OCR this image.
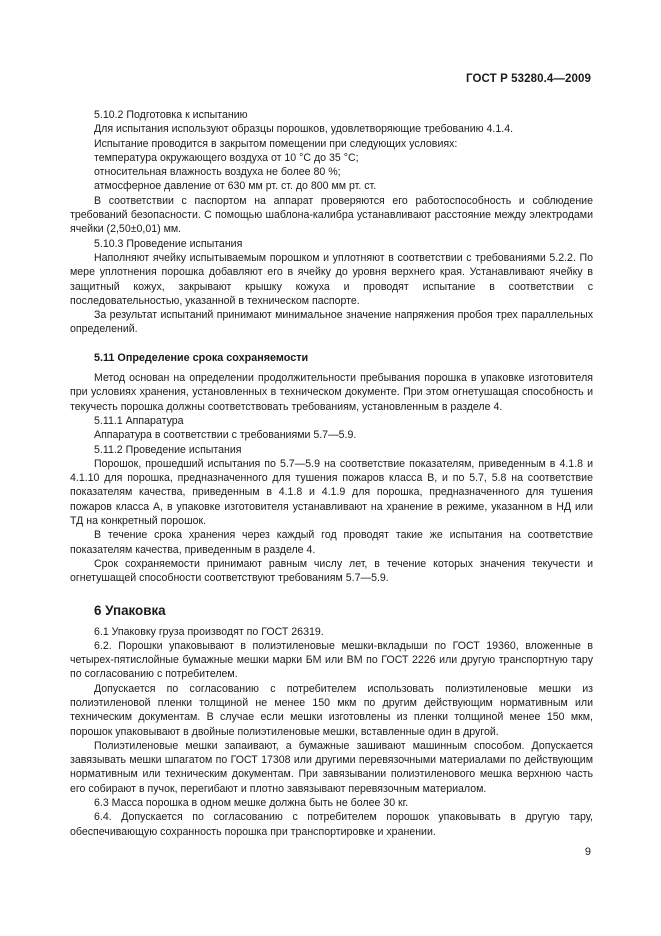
ГОСТ Р 53280.4—2009

5.10.2 Подготовка к испытанию

Для испытания используют образцы порошков, удовлетворяющие требованию 4.1.4.

Испытание проводится в закрытом помещении при следующих условиях:

температура окружающего воздуха от 10 °С до 35 °С;

относительная влажность воздуха не более 80 %;

атмосферное давление от 630 мм рт. ст. до 800 мм рт. ст.

В соответствии с паспортом на аппарат проверяются его работоспособность и соблюдение требований безопасности. С помощью шаблона-калибра устанавливают расстояние между электродами ячейки (2,50±0,01) мм.

5.10.3 Проведение испытания

Наполняют ячейку испытываемым порошком и уплотняют в соответствии с требованиями 5.2.2. По мере уплотнения порошка добавляют его в ячейку до уровня верхнего края. Устанавливают ячейку в защитный кожух, закрывают крышку кожуха и проводят испытание в соответствии с последовательностью, указанной в техническом паспорте.

За результат испытаний принимают минимальное значение напряжения пробоя трех параллельных определений.

5.11 Определение срока сохраняемости

Метод основан на определении продолжительности пребывания порошка в упаковке изготовителя при условиях хранения, установленных в техническом документе. При этом огнетушащая способность и текучесть порошка должны соответствовать требованиям, установленным в разделе 4.

5.11.1 Аппаратура

Аппаратура в соответствии с требованиями 5.7—5.9.

5.11.2 Проведение испытания

Порошок, прошедший испытания по 5.7—5.9 на соответствие показателям, приведенным в 4.1.8 и 4.1.10 для порошка, предназначенного для тушения пожаров класса В, и по 5.7, 5.8 на соответствие показателям качества, приведенным в 4.1.8 и 4.1.9 для порошка, предназначенного для тушения пожаров класса А, в упаковке изготовителя устанавливают на хранение в режиме, указанном в НД или ТД на конкретный порошок.

В течение срока хранения через каждый год проводят такие же испытания на соответствие показателям качества, приведенным в разделе 4.

Срок сохраняемости принимают равным числу лет, в течение которых значения текучести и огнетушащей способности соответствуют требованиям 5.7—5.9.

6 Упаковка

6.1 Упаковку груза производят по ГОСТ 26319.

6.2. Порошки упаковывают в полиэтиленовые мешки-вкладыши по ГОСТ 19360, вложенные в четырех-пятислойные бумажные мешки марки БМ или ВМ по ГОСТ 2226 или другую транспортную тару по согласованию с потребителем.

Допускается по согласованию с потребителем использовать полиэтиленовые мешки из полиэтиленовой пленки толщиной не менее 150 мкм по другим действующим нормативным или техническим документам. В случае если мешки изготовлены из пленки толщиной менее 150 мкм, порошок упаковывают в двойные полиэтиленовые мешки, вставленные один в другой.

Полиэтиленовые мешки запаивают, а бумажные зашивают машинным способом. Допускается завязывать мешки шпагатом по ГОСТ 17308 или другими перевязочными материалами по действующим нормативным или техническим документам. При завязывании полиэтиленового мешка верхнюю часть его собирают в пучок, перегибают и плотно завязывают перевязочным материалом.

6.3 Масса порошка в одном мешке должна быть не более 30 кг.

6.4. Допускается по согласованию с потребителем порошок упаковывать в другую тару, обеспечивающую сохранность порошка при транспортировке и хранении.

9
